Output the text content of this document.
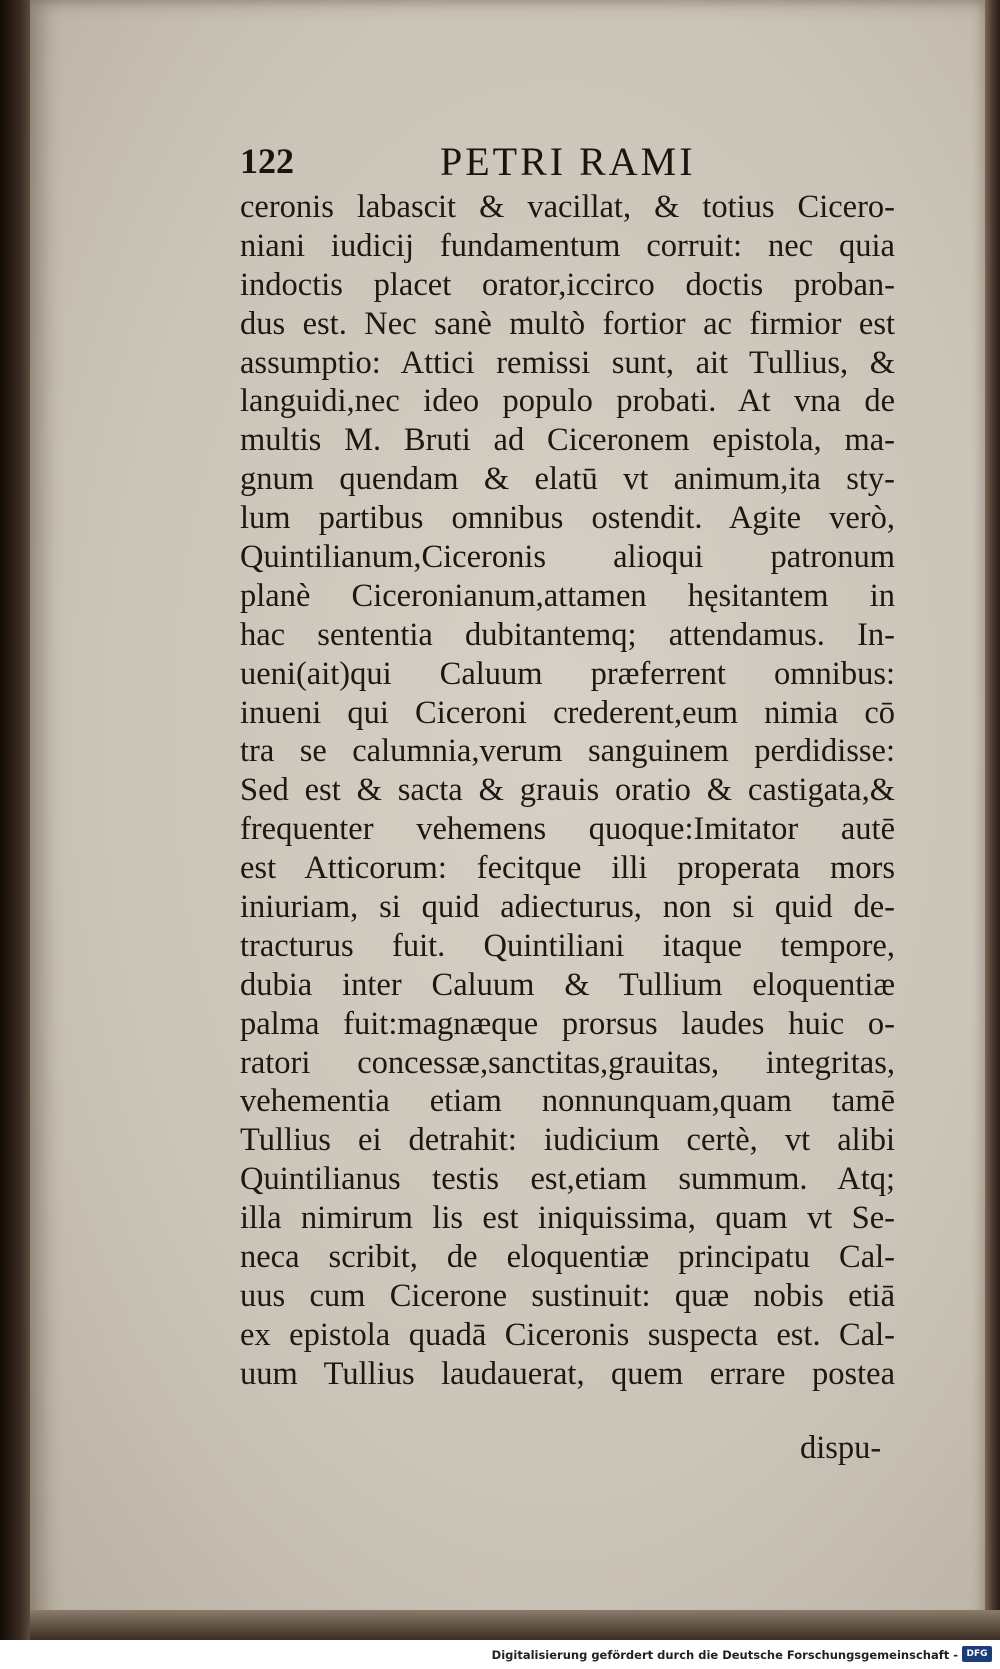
122	PETRI RAMI
ceronis labascit & vacillat, & totius Cicero-
niani iudicij fundamentum corruit: nec quia
indoctis placet orator,iccirco doctis proban-
dus est. Nec sanè multò fortior ac firmior est
assumptio: Attici remissi sunt, ait Tullius, &
languidi,nec ideo populo probati. At vna de
multis M. Bruti ad Ciceronem epistola, ma-
gnum quendam & elatū vt animum,ita sty-
lum partibus omnibus ostendit. Agite verò,
Quintilianum,Ciceronis alioqui patronum
planè Ciceronianum,attamen hęsitantem in
hac sententia dubitantemq; attendamus. In-
ueni(ait)qui Caluum præferrent omnibus:
inueni qui Ciceroni crederent,eum nimia cō
tra se calumnia,verum sanguinem perdidisse:
Sed est & sacta & grauis oratio & castigata,&
frequenter vehemens quoque:Imitator autē
est Atticorum: fecitque illi properata mors
iniuriam, si quid adiecturus, non si quid de-
tracturus fuit. Quintiliani itaque tempore,
dubia inter Caluum & Tullium eloquentiæ
palma fuit:magnæque prorsus laudes huic o-
ratori concessæ,sanctitas,grauitas, integritas,
vehementia etiam nonnunquam,quam tamē
Tullius ei detrahit: iudicium certè, vt alibi
Quintilianus testis est,etiam summum. Atq;
illa nimirum lis est iniquissima, quam vt Se-
neca scribit, de eloquentiæ principatu Cal-
uus cum Cicerone sustinuit: quæ nobis etiā
ex epistola quadā Ciceronis suspecta est. Cal-
uum Tullius laudauerat, quem errare postea
dispu-
Digitalisierung gefördert durch die Deutsche Forschungsgemeinschaft - DFG
